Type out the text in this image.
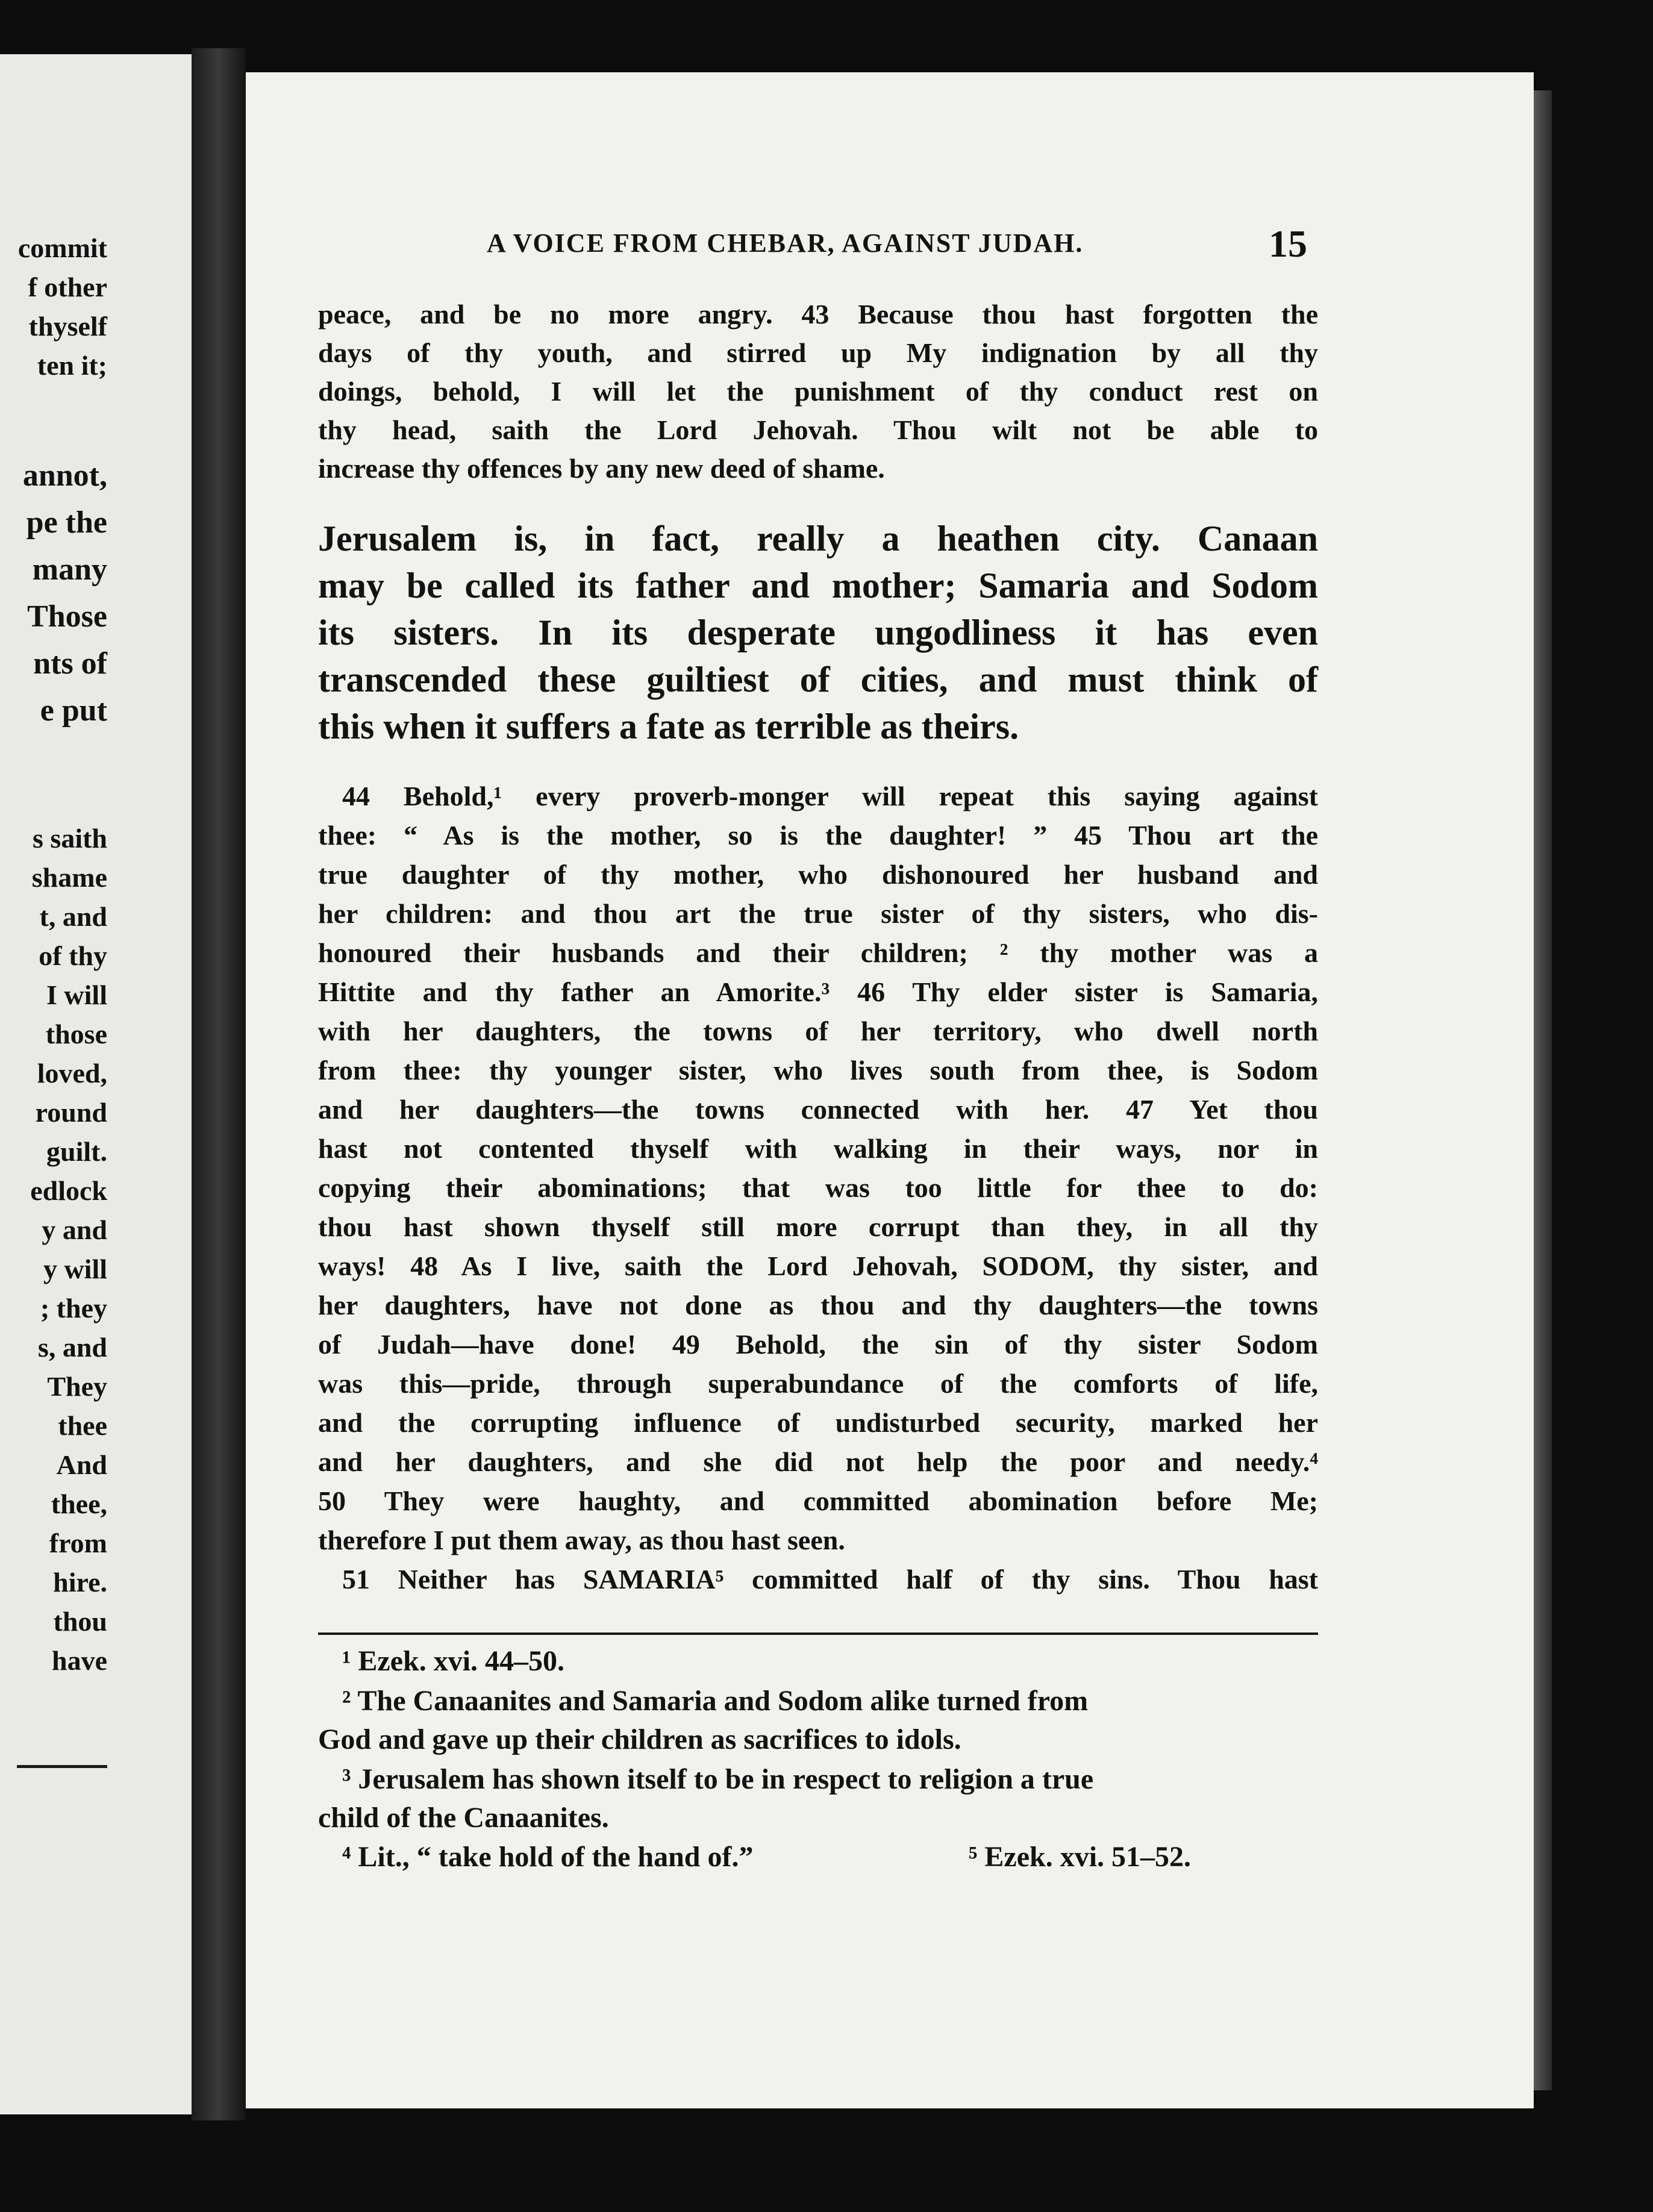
commit
f other
thyself
ten it;
annot,
pe the
many
Those
nts of
e put
s saith
shame
t, and
of thy
I will
those
loved,
round
guilt.
edlock
y and
y will
; they
s, and
They
thee
And
thee,
from
hire.
thou
have
A VOICE FROM CHEBAR, AGAINST JUDAH.	15
peace, and be no more angry. 43 Because thou hast forgotten the
days of thy youth, and stirred up My indignation by all thy
doings, behold, I will let the punishment of thy conduct rest on
thy head, saith the Lord Jehovah. Thou wilt not be able to
increase thy offences by any new deed of shame.
Jerusalem is, in fact, really a heathen city. Canaan
may be called its father and mother; Samaria and Sodom
its sisters. In its desperate ungodliness it has even
transcended these guiltiest of cities, and must think of
this when it suffers a fate as terrible as theirs.
44 Behold,¹ every proverb-monger will repeat this saying against
thee: “ As is the mother, so is the daughter! ” 45 Thou art the
true daughter of thy mother, who dishonoured her husband and
her children: and thou art the true sister of thy sisters, who dis-
honoured their husbands and their children; ² thy mother was a
Hittite and thy father an Amorite.³ 46 Thy elder sister is Samaria,
with her daughters, the towns of her territory, who dwell north
from thee: thy younger sister, who lives south from thee, is Sodom
and her daughters—the towns connected with her. 47 Yet thou
hast not contented thyself with walking in their ways, nor in
copying their abominations; that was too little for thee to do:
thou hast shown thyself still more corrupt than they, in all thy
ways! 48 As I live, saith the Lord Jehovah, SODOM, thy sister, and
her daughters, have not done as thou and thy daughters—the towns
of Judah—have done! 49 Behold, the sin of thy sister Sodom
was this—pride, through superabundance of the comforts of life,
and the corrupting influence of undisturbed security, marked her
and her daughters, and she did not help the poor and needy.⁴
50 They were haughty, and committed abomination before Me;
therefore I put them away, as thou hast seen.
51 Neither has SAMARIA⁵ committed half of thy sins. Thou hast
¹ Ezek. xvi. 44–50.
² The Canaanites and Samaria and Sodom alike turned from
God and gave up their children as sacrifices to idols.
³ Jerusalem has shown itself to be in respect to religion a true
child of the Canaanites.
⁴ Lit., “ take hold of the hand of.”	⁵ Ezek. xvi. 51–52.
